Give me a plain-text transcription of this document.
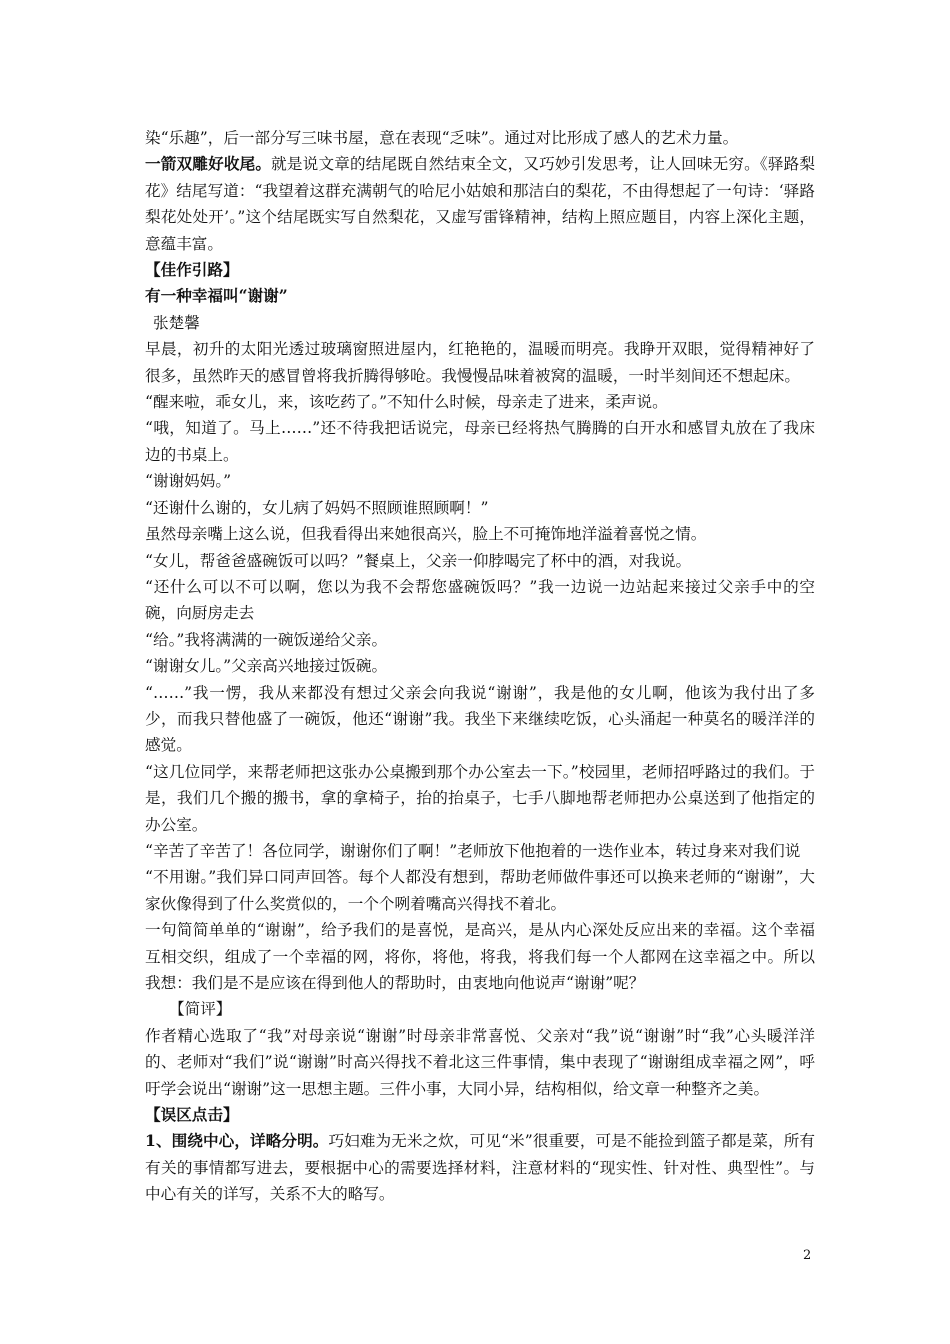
染“乐趣”，后一部分写三味书屋，意在表现“乏味”。通过对比形成了感人的艺术力量。

一箭双雕好收尾。就是说文章的结尾既自然结束全文，又巧妙引发思考，让人回味无穷。《驿路梨花》结尾写道：“我望着这群充满朝气的哈尼小姑娘和那洁白的梨花，不由得想起了一句诗：‘驿路梨花处处开’。”这个结尾既实写自然梨花，又虚写雷锋精神，结构上照应题目，内容上深化主题，意蕴丰富。

【佳作引路】

有一种幸福叫“谢谢”

张楚馨

早晨，初升的太阳光透过玻璃窗照进屋内，红艳艳的，温暖而明亮。我睁开双眼，觉得精神好了很多，虽然昨天的感冒曾将我折腾得够呛。我慢慢品味着被窝的温暖，一时半刻间还不想起床。

“醒来啦，乖女儿，来，该吃药了。”不知什么时候，母亲走了进来，柔声说。

“哦，知道了。马上……”还不待我把话说完，母亲已经将热气腾腾的白开水和感冒丸放在了我床边的书桌上。

“谢谢妈妈。”

“还谢什么谢的，女儿病了妈妈不照顾谁照顾啊！”

虽然母亲嘴上这么说，但我看得出来她很高兴，脸上不可掩饰地洋溢着喜悦之情。

“女儿，帮爸爸盛碗饭可以吗？”餐桌上，父亲一仰脖喝完了杯中的酒，对我说。

“还什么可以不可以啊，您以为我不会帮您盛碗饭吗？”我一边说一边站起来接过父亲手中的空碗，向厨房走去

“给。”我将满满的一碗饭递给父亲。

“谢谢女儿。”父亲高兴地接过饭碗。

“……”我一愣，我从来都没有想过父亲会向我说“谢谢”，我是他的女儿啊，他该为我付出了多少，而我只替他盛了一碗饭，他还“谢谢”我。我坐下来继续吃饭，心头涌起一种莫名的暖洋洋的感觉。

“这几位同学，来帮老师把这张办公桌搬到那个办公室去一下。”校园里，老师招呼路过的我们。于是，我们几个搬的搬书，拿的拿椅子，抬的抬桌子，七手八脚地帮老师把办公桌送到了他指定的办公室。

“辛苦了辛苦了！各位同学，谢谢你们了啊！”老师放下他抱着的一迭作业本，转过身来对我们说

“不用谢。”我们异口同声回答。每个人都没有想到，帮助老师做件事还可以换来老师的“谢谢”，大家伙像得到了什么奖赏似的，一个个咧着嘴高兴得找不着北。

一句简简单单的“谢谢”，给予我们的是喜悦，是高兴，是从内心深处反应出来的幸福。这个幸福互相交织，组成了一个幸福的网，将你，将他，将我，将我们每一个人都网在这幸福之中。所以我想：我们是不是应该在得到他人的帮助时，由衷地向他说声“谢谢”呢？

【简评】

作者精心选取了“我”对母亲说“谢谢”时母亲非常喜悦、父亲对“我”说“谢谢”时“我”心头暖洋洋的、老师对“我们”说“谢谢”时高兴得找不着北这三件事情，集中表现了“谢谢组成幸福之网”，呼吁学会说出“谢谢”这一思想主题。三件小事，大同小异，结构相似，给文章一种整齐之美。

【误区点击】

1、围绕中心，详略分明。巧妇难为无米之炊，可见“米”很重要，可是不能捡到篮子都是菜，所有有关的事情都写进去，要根据中心的需要选择材料，注意材料的“现实性、针对性、典型性”。与中心有关的详写，关系不大的略写。

2
